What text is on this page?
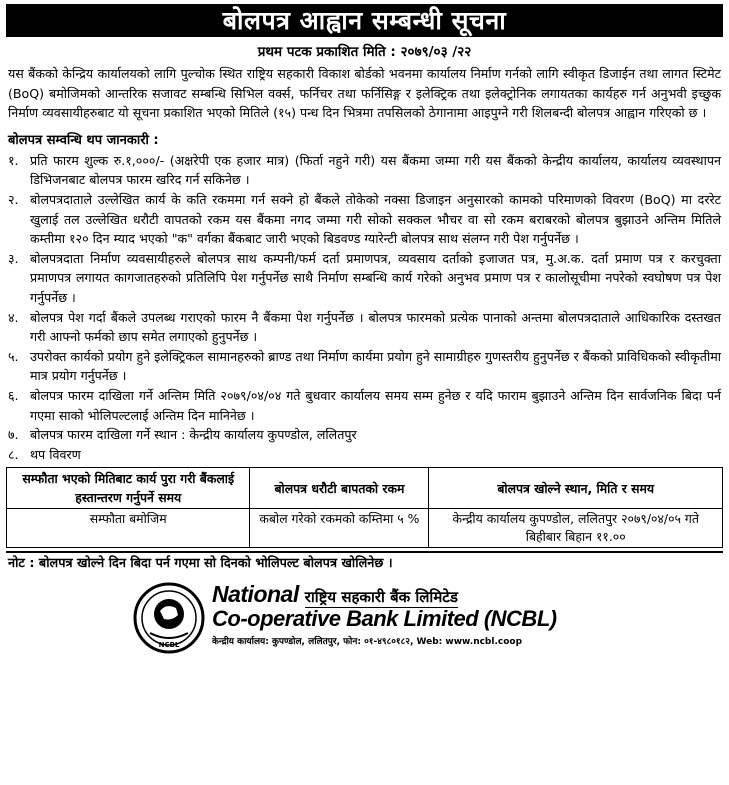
बोलपत्र आह्वान सम्बन्धी सूचना
प्रथम पटक प्रकाशित मिति : २०७९/०३ /२२
यस बैंकको केन्द्रिय कार्यालयको लागि पुल्चोक स्थित राष्ट्रिय सहकारी विकाश बोर्डको भवनमा कार्यालय निर्माण गर्नको लागि स्वीकृत डिजाईन तथा लागत स्टिमेट (BoQ) बमोजिमको आन्तरिक सजावट सम्बन्धि सिभिल वर्क्स, फर्निचर तथा फर्निसिङ्ग र इलेक्ट्रिक तथा इलेक्ट्रोनिक लगायतका कार्यहरु गर्न अनुभवी इच्छुक निर्माण व्यवसायीहरुबाट यो सूचना प्रकाशित भएको मितिले (१५) पन्ध दिन भित्रमा तपसिलको ठेगानामा आइपुग्ने गरी शिलबन्दी बोलपत्र आह्वान गरिएको छ ।
बोलपत्र सम्वन्धि थप जानकारी :
१. प्रति फारम शुल्क रु.१,०००/- (अक्षरेपी एक हजार मात्र) (फिर्ता नहुने गरी) यस बैंकमा जम्मा गरी यस बैंकको केन्द्रीय कार्यालय, कार्यालय व्यवस्थापन डिभिजनबाट बोलपत्र फारम खरिद गर्न सकिनेछ ।
२. बोलपत्रदाताले उल्लेखित कार्य के कति रकममा गर्न सक्ने हो बैंकले तोकेको नक्सा डिजाइन अनुसारको कामको परिमाणको विवरण (BoQ) मा दररेट खुलाई तल उल्लेखित धरौटी वापतको रकम यस बैंकमा नगद जम्मा गरी सोको सक्कल भौचर वा सो रकम बराबरको बोलपत्र बुझाउने अन्तिम मितिले कम्तीमा १२० दिन म्याद भएको "क" वर्गका बैंकबाट जारी भएको बिडवण्ड ग्यारेन्टी बोलपत्र साथ संलग्न गरी पेश गर्नुपर्नेछ ।
३. बोलपत्रदाता निर्माण व्यवसायीहरुले बोलपत्र साथ कम्पनी/फर्म दर्ता प्रमाणपत्र, व्यवसाय दर्ताको इजाजत पत्र, मु.अ.क. दर्ता प्रमाण पत्र र करचुक्ता प्रमाणपत्र लगायत कागजातहरुको प्रतिलिपि पेश गर्नुपर्नेछ साथै निर्माण सम्बन्धि कार्य गरेको अनुभव प्रमाण पत्र र कालोसूचीमा नपरेको स्वघोषण पत्र पेश गर्नुपर्नेछ ।
४. बोलपत्र पेश गर्दा बैंकले उपलब्ध गराएको फारम नै बैंकमा पेश गर्नुपर्नेछ । बोलपत्र फारमको प्रत्येक पानाको अन्तमा बोलपत्रदाताले आधिकारिक दस्तखत गरी आफ्नो फर्मको छाप समेत लगाएको हुनुपर्नेछ ।
५. उपरोक्त कार्यको प्रयोग हुने इलेक्ट्रिकल सामानहरुको ब्राण्ड तथा निर्माण कार्यमा प्रयोग हुने सामाग्रीहरु गुणस्तरीय हुनुपर्नेछ र बैंकको प्राविधिकको स्वीकृतीमा मात्र प्रयोग गर्नुपर्नेछ ।
६. बोलपत्र फारम दाखिला गर्ने अन्तिम मिति २०७९/०४/०४ गते बुधवार कार्यालय समय सम्म हुनेछ र यदि फाराम बुझाउने अन्तिम दिन सार्वजनिक बिदा पर्न गएमा साको भोलिपल्टलाई अन्तिम दिन मानिनेछ ।
७. बोलपत्र फारम दाखिला गर्ने स्थान : केन्द्रीय कार्यालय कुपण्डोल, ललितपुर
८. थप विवरण
सम्फौता भएको मितिबाट कार्य पुरा गरी बैंकलाई हस्तान्तरण गर्नुपर्ने समय	बोलपत्र धरौटी बापतको रकम	बोलपत्र खोल्ने स्थान, मिति र समय
सम्फौता बमोजिम	कबोल गरेको रकमको कम्तिमा ५ %	केन्द्रीय कार्यालय कुपण्डोल, ललितपुर २०७९/०४/०५ गते बिहीबार बिहान ११.००
नोट : बोलपत्र खोल्ने दिन बिदा पर्न गएमा सो दिनको भोलिपल्ट बोलपत्र खोलिनेछ ।
NCBL
National राष्ट्रिय सहकारी बैंक लिमिटेड
Co-operative Bank Limited (NCBL)
केन्द्रीय कार्यालय: कुपण्डोल, ललितपुर, फोन: ०१-४९८०१८२, Web: www.ncbl.coop
